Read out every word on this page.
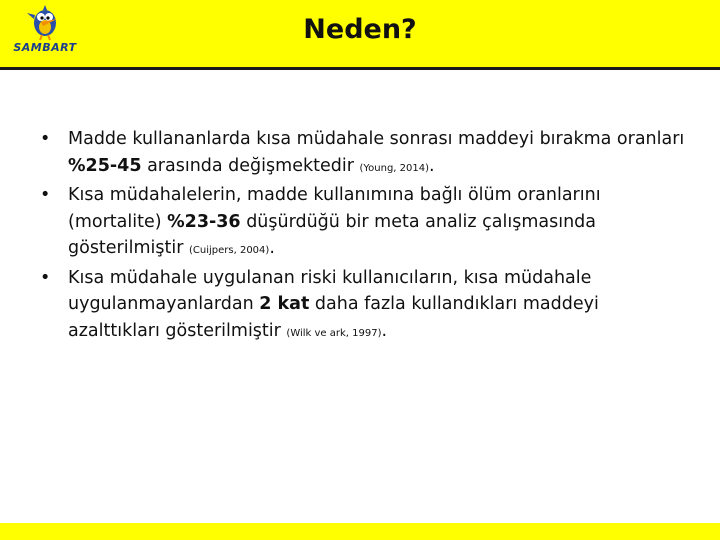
SAMBART
Neden?
• Madde kullananlarda kısa müdahale sonrası maddeyi bırakma oranları %25-45 arasında değişmektedir (Young, 2014).
• Kısa müdahalelerin, madde kullanımına bağlı ölüm oranlarını (mortalite) %23-36 düşürdüğü bir meta analiz çalışmasında gösterilmiştir (Cuijpers, 2004).
• Kısa müdahale uygulanan riski kullanıcıların, kısa müdahale uygulanmayanlardan 2 kat daha fazla kullandıkları maddeyi azalttıkları gösterilmiştir (Wilk ve ark, 1997).
